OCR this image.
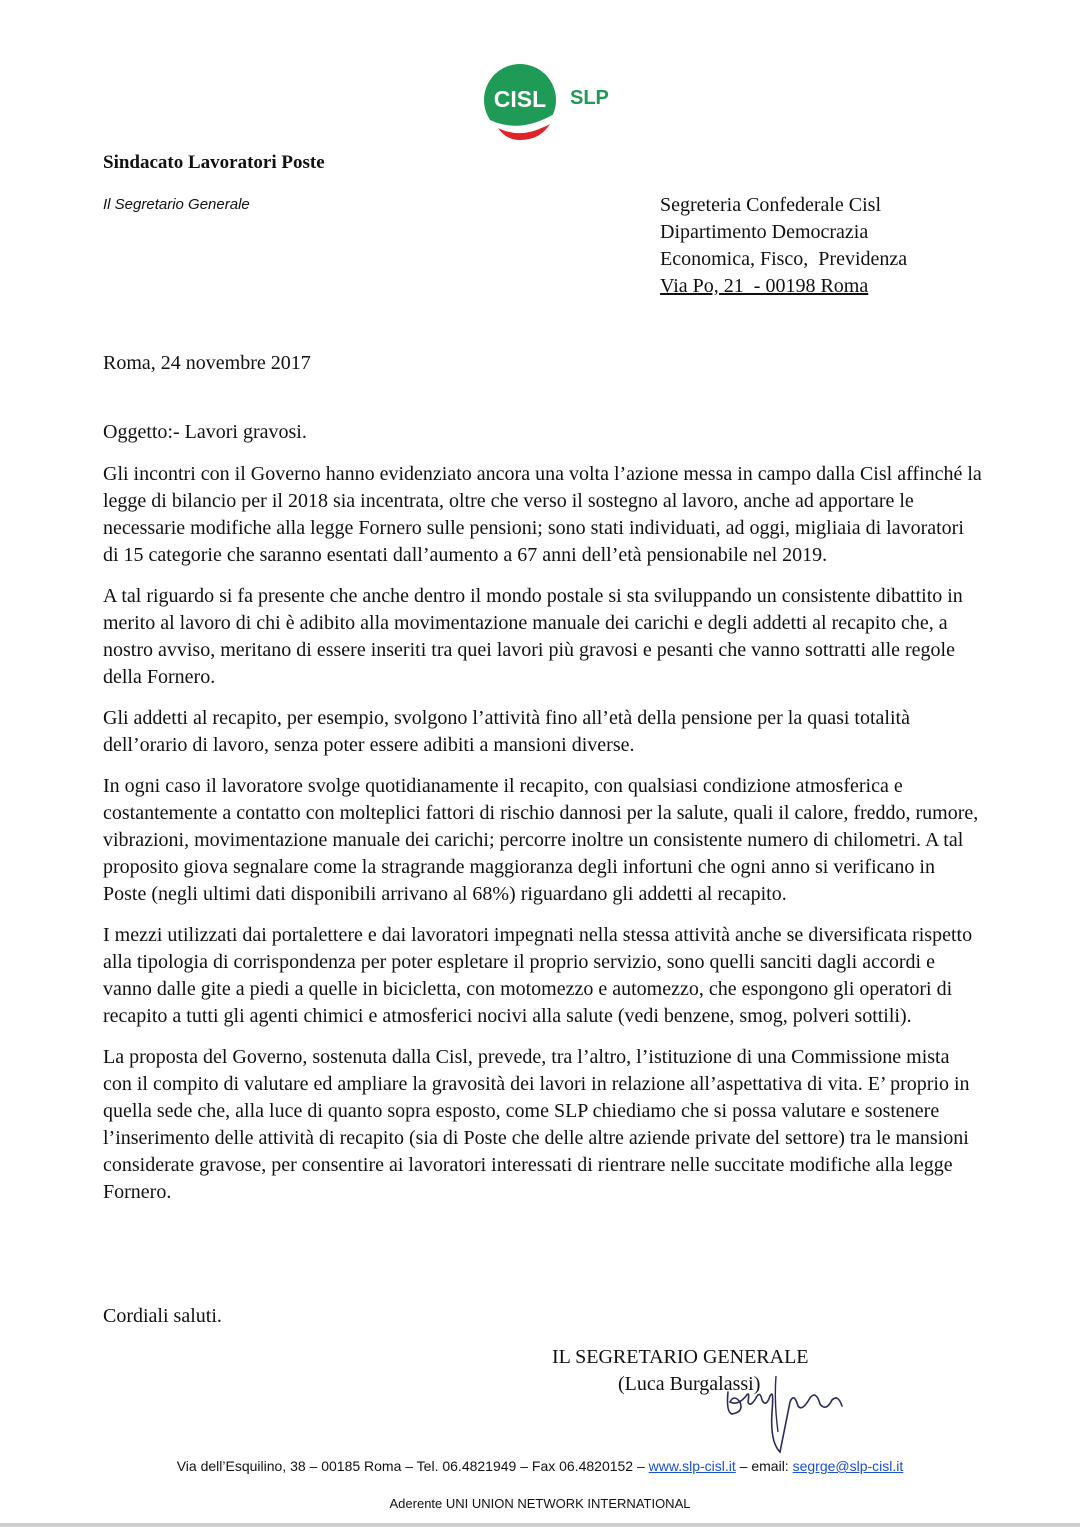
CISL SLP
Sindacato Lavoratori Poste
Il Segretario Generale	Segreteria Confederale Cisl
Dipartimento Democrazia
Economica, Fisco,  Previdenza
Via Po, 21  - 00198 Roma
Roma, 24 novembre 2017
Oggetto:- Lavori gravosi.

Gli incontri con il Governo hanno evidenziato ancora una volta l’azione messa in campo dalla Cisl affinché la legge di bilancio per il 2018 sia incentrata, oltre che verso il sostegno al lavoro, anche ad apportare le necessarie modifiche alla legge Fornero sulle pensioni; sono stati individuati, ad oggi, migliaia di lavoratori di 15 categorie che saranno esentati dall’aumento a 67 anni dell’età pensionabile nel 2019.

A tal riguardo si fa presente che anche dentro il mondo postale si sta sviluppando un consistente dibattito in merito al lavoro di chi è adibito alla movimentazione manuale dei carichi e degli addetti al recapito che, a nostro avviso, meritano di essere inseriti tra quei lavori più gravosi e pesanti che vanno sottratti alle regole della Fornero.

Gli addetti al recapito, per esempio, svolgono l’attività fino all’età della pensione per la quasi totalità dell’orario di lavoro, senza poter essere adibiti a mansioni diverse.

In ogni caso il lavoratore svolge quotidianamente il recapito, con qualsiasi condizione atmosferica e costantemente a contatto con molteplici fattori di rischio dannosi per la salute, quali il calore, freddo, rumore, vibrazioni, movimentazione manuale dei carichi; percorre inoltre un consistente numero di chilometri. A tal proposito giova segnalare come la stragrande maggioranza degli infortuni che ogni anno si verificano in Poste (negli ultimi dati disponibili arrivano al 68%) riguardano gli addetti al recapito.

I mezzi utilizzati dai portalettere e dai lavoratori impegnati nella stessa attività anche se diversificata rispetto alla tipologia di corrispondenza per poter espletare il proprio servizio, sono quelli sanciti dagli accordi e vanno dalle gite a piedi a quelle in bicicletta, con motomezzo e automezzo, che espongono gli operatori di recapito a tutti gli agenti chimici e atmosferici nocivi alla salute (vedi benzene, smog, polveri sottili).

La proposta del Governo, sostenuta dalla Cisl, prevede, tra l’altro, l’istituzione di una Commissione mista con il compito di valutare ed ampliare la gravosità dei lavori in relazione all’aspettativa di vita. E’ proprio in quella sede che, alla luce di quanto sopra esposto, come SLP chiediamo che si possa valutare e sostenere l’inserimento delle attività di recapito (sia di Poste che delle altre aziende private del settore) tra le mansioni considerate gravose, per consentire ai lavoratori interessati di rientrare nelle succitate modifiche alla legge Fornero.

Cordiali saluti.
IL SEGRETARIO GENERALE
(Luca Burgalassi)
Via dell’Esquilino, 38 – 00185 Roma – Tel. 06.4821949 – Fax 06.4820152 – www.slp-cisl.it – email: segrge@slp-cisl.it
Aderente UNI UNION NETWORK INTERNATIONAL
